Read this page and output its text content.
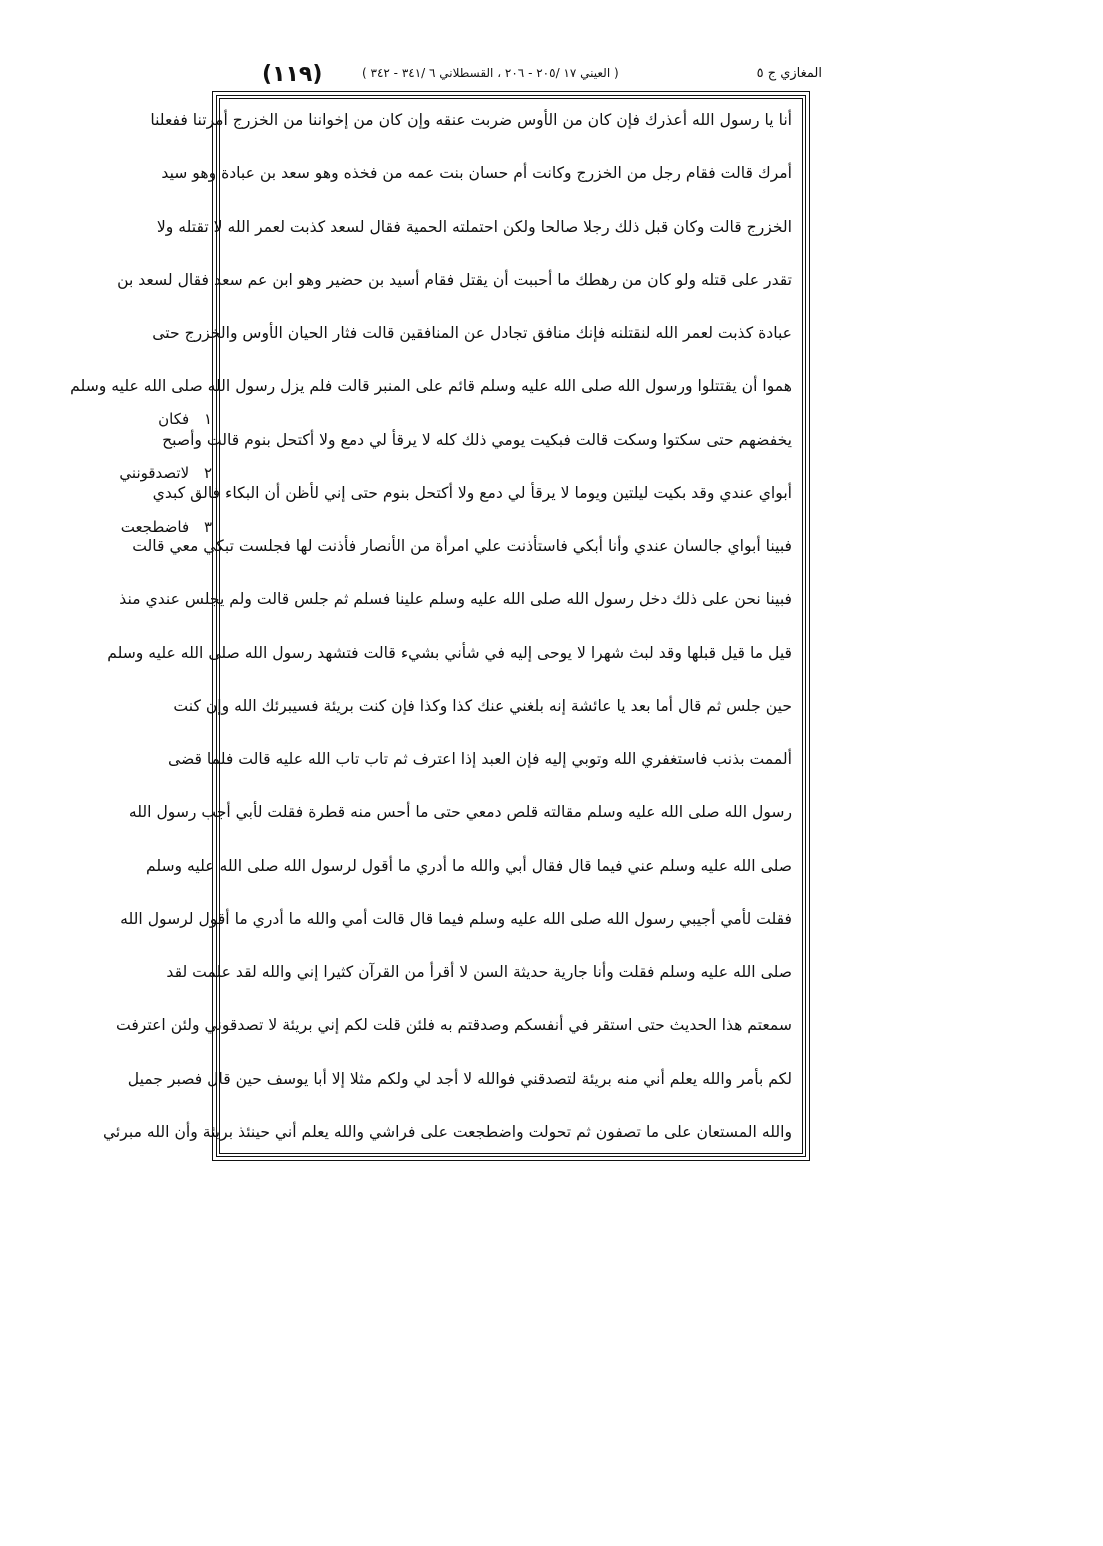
(١١٩)	( العيني ١٧ /٢٠٥ - ٢٠٦ ، القسطلاني ٦ /٣٤١ - ٣٤٢ )	المغازي ج ٥
أنا يا رسول الله أعذرك فإن كان من الأوس ضربت عنقه وإن كان من إخواننا من الخزرج أمرتنا ففعلنا
أمرك قالت فقام رجل من الخزرج وكانت أم حسان بنت عمه من فخذه وهو سعد بن عبادة وهو سيد
الخزرج قالت وكان قبل ذلك رجلا صالحا ولكن احتملته الحمية فقال لسعد كذبت لعمر الله لا تقتله ولا
تقدر على قتله ولو كان من رهطك ما أحببت أن يقتل فقام أسيد بن حضير وهو ابن عم سعد فقال لسعد بن
عبادة كذبت لعمر الله لنقتلنه فإنك منافق تجادل عن المنافقين قالت فثار الحيان الأوس والخزرج حتى
هموا أن يقتتلوا ورسول الله صلى الله عليه وسلم قائم على المنبر قالت فلم يزل رسول الله صلى الله عليه وسلم
يخفضهم حتى سكتوا وسكت قالت فبكيت يومي ذلك كله لا يرقأ لي دمع ولا أكتحل بنوم قالت وأصبح
أبواي عندي وقد بكيت ليلتين ويوما لا يرقأ لي دمع ولا أكتحل بنوم حتى إني لأظن أن البكاء فالق كبدي
فبينا أبواي جالسان عندي وأنا أبكي فاستأذنت علي امرأة من الأنصار فأذنت لها فجلست تبكي معي قالت
فبينا نحن على ذلك دخل رسول الله صلى الله عليه وسلم علينا فسلم ثم جلس قالت ولم يجلس عندي منذ
قيل ما قيل قبلها وقد لبث شهرا لا يوحى إليه في شأني بشيء قالت فتشهد رسول الله صلى الله عليه وسلم
حين جلس ثم قال أما بعد يا عائشة إنه بلغني عنك كذا وكذا فإن كنت بريئة فسيبرئك الله وإن كنت
ألممت بذنب فاستغفري الله وتوبي إليه فإن العبد إذا اعترف ثم تاب تاب الله عليه قالت فلما قضى
رسول الله صلى الله عليه وسلم مقالته قلص دمعي حتى ما أحس منه قطرة فقلت لأبي أجب رسول الله
صلى الله عليه وسلم عني فيما قال فقال أبي والله ما أدري ما أقول لرسول الله صلى الله عليه وسلم
فقلت لأمي أجيبي رسول الله صلى الله عليه وسلم فيما قال قالت أمي والله ما أدري ما أقول لرسول الله
صلى الله عليه وسلم فقلت وأنا جارية حديثة السن لا أقرأ من القرآن كثيرا إني والله لقد علمت لقد
سمعتم هذا الحديث حتى استقر في أنفسكم وصدقتم به فلئن قلت لكم إني بريئة لا تصدقوني ولئن اعترفت
لكم بأمر والله يعلم أني منه بريئة لتصدقني فوالله لا أجد لي ولكم مثلا إلا أبا يوسف حين قال فصبر جميل
والله المستعان على ما تصفون ثم تحولت واضطجعت على فراشي والله يعلم أني حينئذ بريئة وأن الله مبرئي
١ فكان
٢ لاتصدقونني
٣ فاضطجعت
